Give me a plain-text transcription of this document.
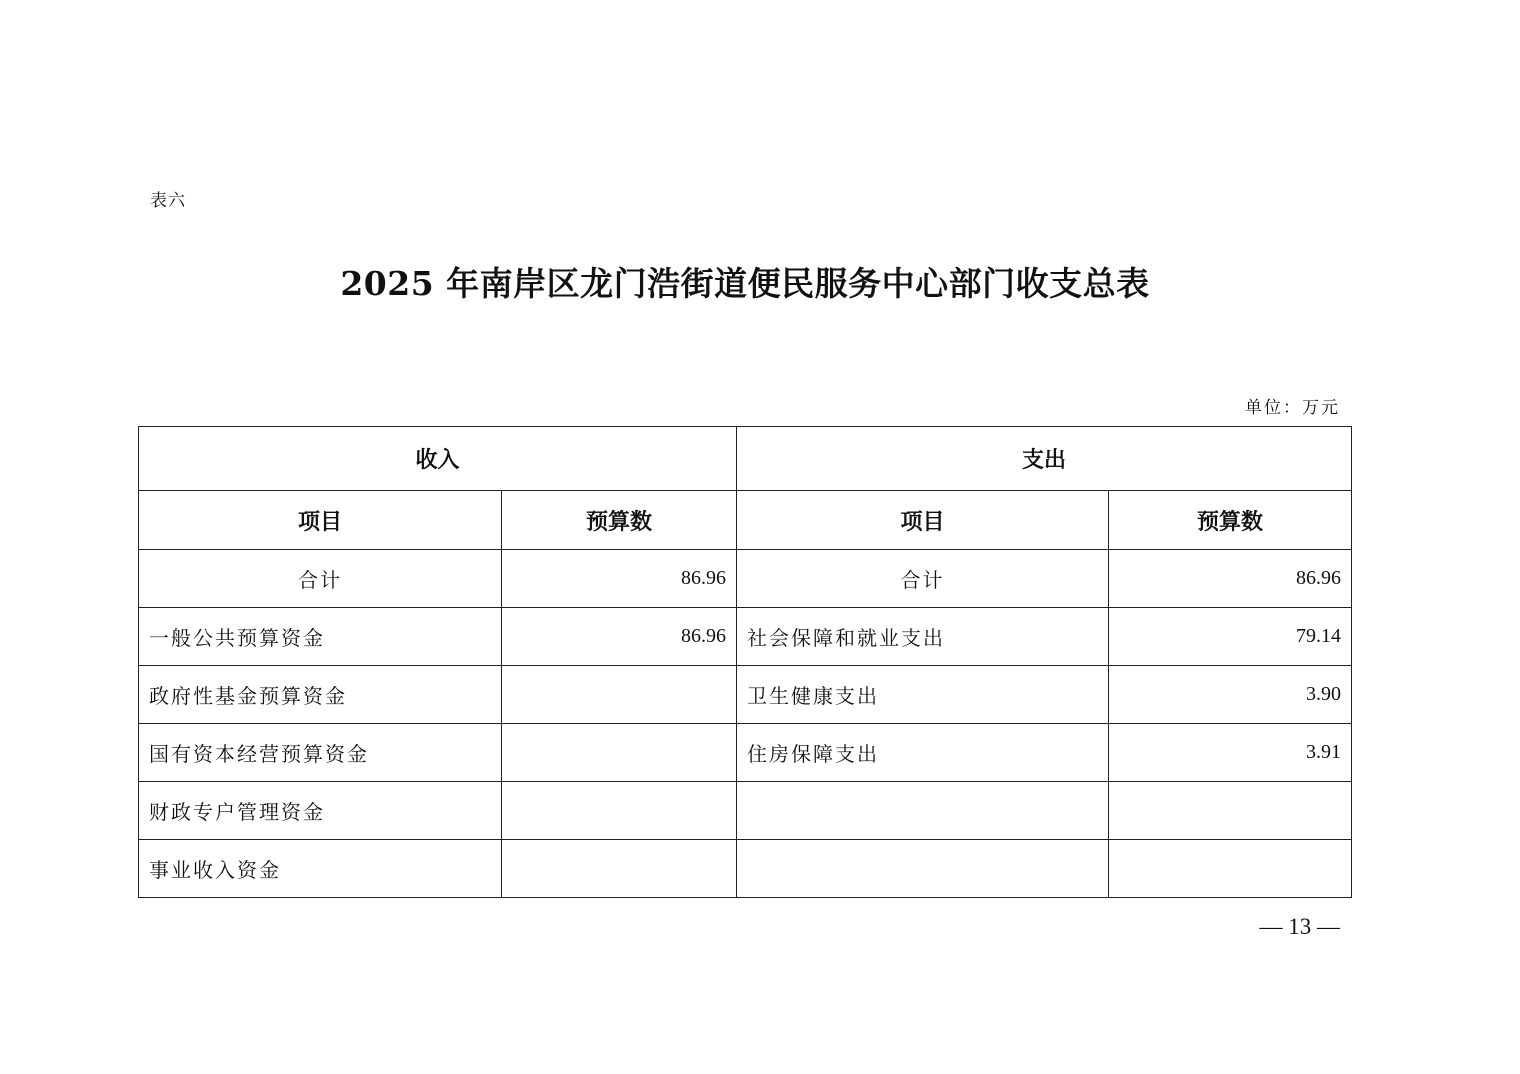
表六
2025 年南岸区龙门浩街道便民服务中心部门收支总表
单位：万元
收入		支出	
项目	预算数	项目	预算数
合计	86.96	合计	86.96
一般公共预算资金	86.96	社会保障和就业支出	79.14
政府性基金预算资金		卫生健康支出	3.90
国有资本经营预算资金		住房保障支出	3.91
财政专户管理资金			
事业收入资金			
— 13 —
